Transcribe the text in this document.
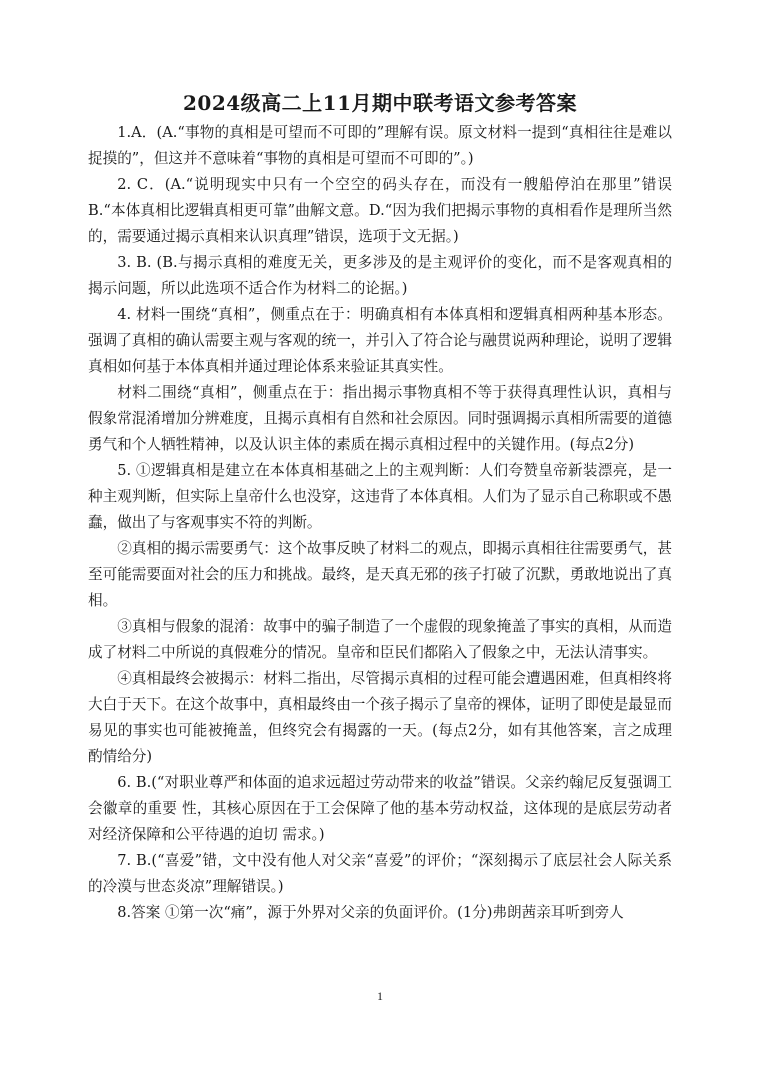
2024级高二上11月期中联考语文参考答案

1.A．(A.“事物的真相是可望而不可即的”理解有误。原文材料一提到“真相往往是难以捉摸的”，但这并不意味着“事物的真相是可望而不可即的”。)

2. C．(A.“说明现实中只有一个空空的码头存在，而没有一艘船停泊在那里”错误 B.“本体真相比逻辑真相更可靠”曲解文意。D.“因为我们把揭示事物的真相看作是理所当然的，需要通过揭示真相来认识真理”错误，选项于文无据。)

3. B. (B.与揭示真相的难度无关，更多涉及的是主观评价的变化，而不是客观真相的揭示问题，所以此选项不适合作为材料二的论据。)

4. 材料一围绕“真相”，侧重点在于：明确真相有本体真相和逻辑真相两种基本形态。强调了真相的确认需要主观与客观的统一，并引入了符合论与融贯说两种理论，说明了逻辑真相如何基于本体真相并通过理论体系来验证其真实性。

材料二围绕“真相”，侧重点在于：指出揭示事物真相不等于获得真理性认识，真相与假象常混淆增加分辨难度，且揭示真相有自然和社会原因。同时强调揭示真相所需要的道德勇气和个人牺牲精神，以及认识主体的素质在揭示真相过程中的关键作用。(每点2分)

5. ①逻辑真相是建立在本体真相基础之上的主观判断：人们夸赞皇帝新装漂亮，是一种主观判断，但实际上皇帝什么也没穿，这违背了本体真相。人们为了显示自己称职或不愚蠢，做出了与客观事实不符的判断。

②真相的揭示需要勇气：这个故事反映了材料二的观点，即揭示真相往往需要勇气，甚至可能需要面对社会的压力和挑战。最终，是天真无邪的孩子打破了沉默，勇敢地说出了真相。

③真相与假象的混淆：故事中的骗子制造了一个虚假的现象掩盖了事实的真相，从而造成了材料二中所说的真假难分的情况。皇帝和臣民们都陷入了假象之中，无法认清事实。

④真相最终会被揭示：材料二指出，尽管揭示真相的过程可能会遭遇困难，但真相终将大白于天下。在这个故事中，真相最终由一个孩子揭示了皇帝的裸体，证明了即使是最显而易见的事实也可能被掩盖，但终究会有揭露的一天。(每点2分，如有其他答案，言之成理酌情给分)

6. B.(“对职业尊严和体面的追求远超过劳动带来的收益”错误。父亲约翰尼反复强调工会徽章的重要 性，其核心原因在于工会保障了他的基本劳动权益，这体现的是底层劳动者对经济保障和公平待遇的迫切 需求。)

7. B.(“喜爱”错，文中没有他人对父亲“喜爱”的评价；“深刻揭示了底层社会人际关系的冷漠与世态炎凉”理解错误。)

8.答案 ①第一次“痛”，源于外界对父亲的负面评价。(1分)弗朗茜亲耳听到旁人

1
